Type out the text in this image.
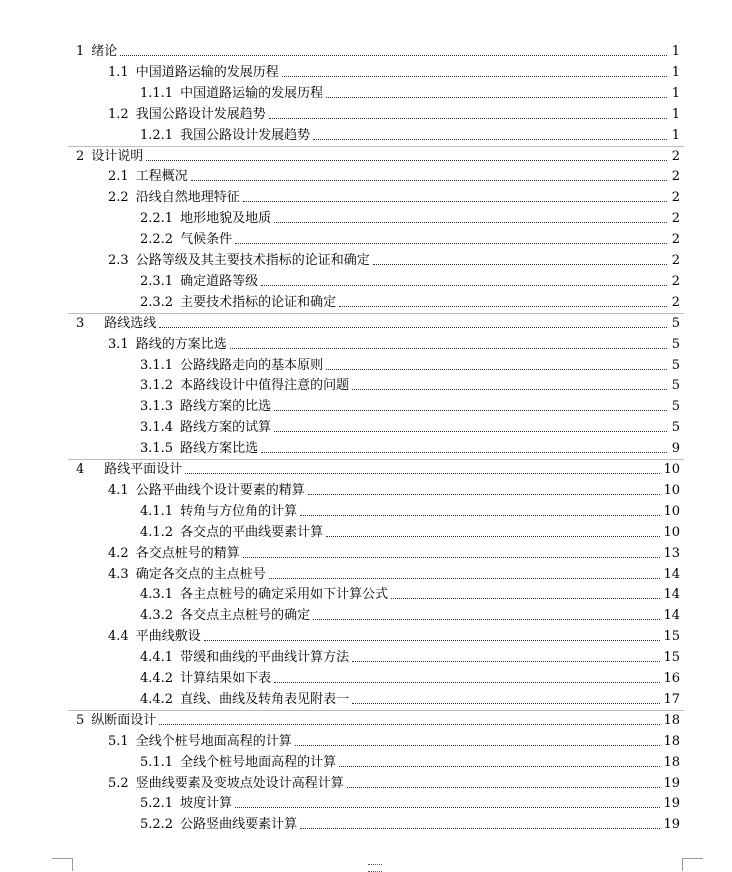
1 绪论	1
1.1 中国道路运输的发展历程	1
1.1.1 中国道路运输的发展历程	1
1.2 我国公路设计发展趋势	1
1.2.1 我国公路设计发展趋势	1
2 设计说明	2
2.1 工程概况	2
2.2 沿线自然地理特征	2
2.2.1 地形地貌及地质	2
2.2.2 气候条件	2
2.3 公路等级及其主要技术指标的论证和确定	2
2.3.1 确定道路等级	2
2.3.2 主要技术指标的论证和确定	2
3 路线选线	5
3.1 路线的方案比选	5
3.1.1 公路线路走向的基本原则	5
3.1.2 本路线设计中值得注意的问题	5
3.1.3 路线方案的比选	5
3.1.4 路线方案的试算	5
3.1.5 路线方案比选	9
4 路线平面设计	10
4.1 公路平曲线个设计要素的精算	10
4.1.1 转角与方位角的计算	10
4.1.2 各交点的平曲线要素计算	10
4.2 各交点桩号的精算	13
4.3 确定各交点的主点桩号	14
4.3.1 各主点桩号的确定采用如下计算公式	14
4.3.2 各交点主点桩号的确定	14
4.4 平曲线敷设	15
4.4.1 带缓和曲线的平曲线计算方法	15
4.4.2 计算结果如下表	16
4.4.2 直线、曲线及转角表见附表一	17
5 纵断面设计	18
5.1 全线个桩号地面高程的计算	18
5.1.1 全线个桩号地面高程的计算	18
5.2 竖曲线要素及变坡点处设计高程计算	19
5.2.1 坡度计算	19
5.2.2 公路竖曲线要素计算	19
